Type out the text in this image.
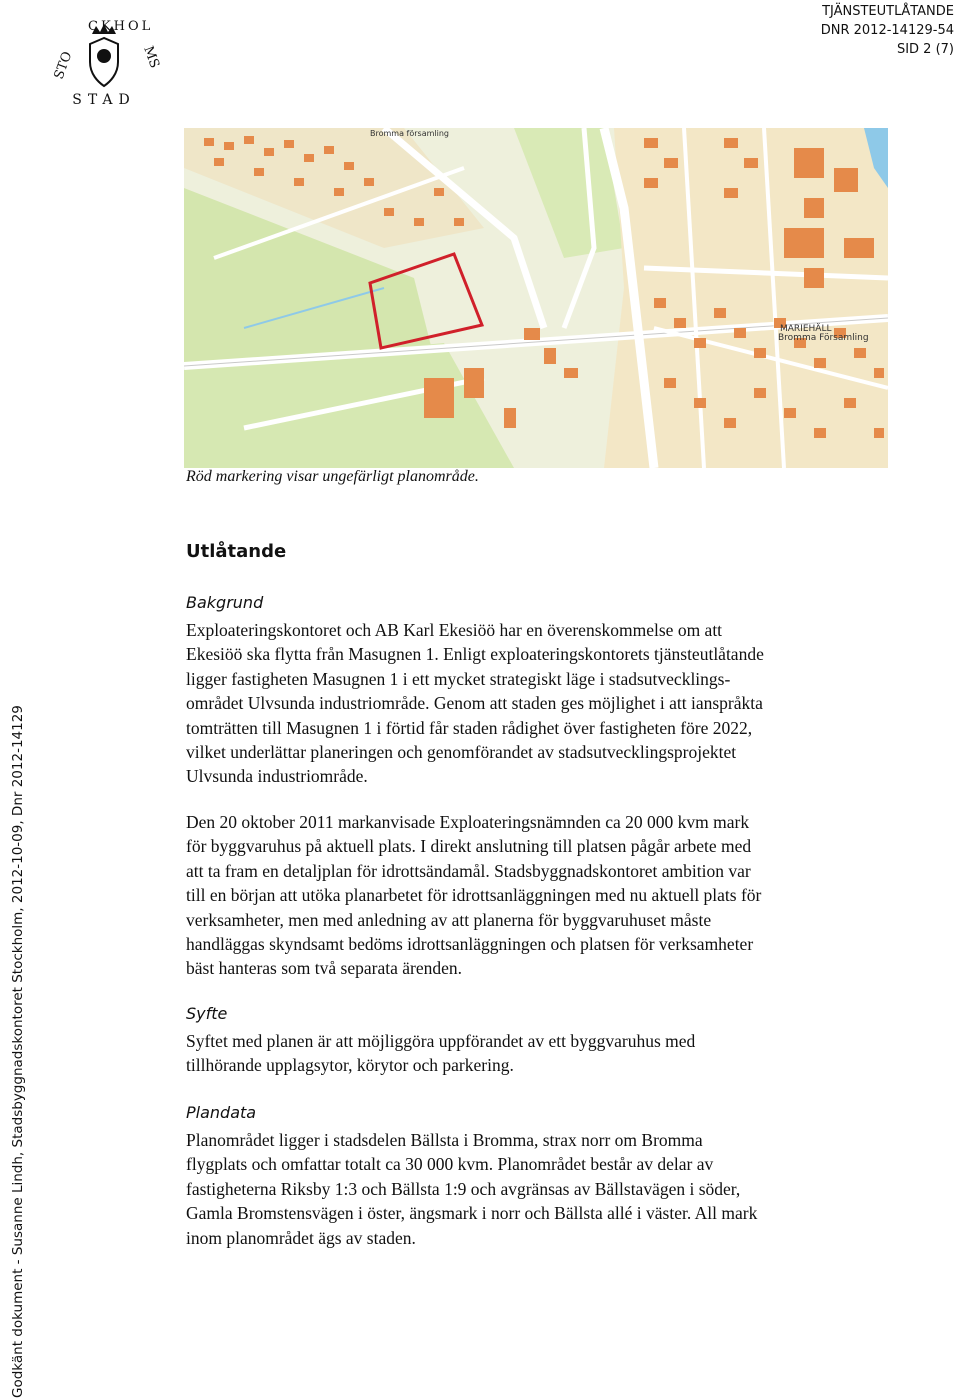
STAD
STO
CKHOL
MS
TJÄNSTEUTLÅTANDE
DNR 2012-14129-54
SID 2 (7)
Bromma församling
MARIEHÄLL
Bromma Församling
Röd markering visar ungefärligt planområde.
Utlåtande
Bakgrund
Exploateringskontoret och AB Karl Ekesiöö har en överenskommelse om att
Ekesiöö ska flytta från Masugnen 1. Enligt exploateringskontorets tjänsteutlåtande
ligger fastigheten Masugnen 1 i ett mycket strategiskt läge i stadsutvecklings-
området Ulvsunda industriområde. Genom att staden ges möjlighet i att ianspråkta
tomträtten till Masugnen 1 i förtid får staden rådighet över fastigheten före 2022,
vilket underlättar planeringen och genomförandet av stadsutvecklingsprojektet
Ulvsunda industriområde.
Den 20 oktober 2011 markanvisade Exploateringsnämnden ca 20 000 kvm mark
för byggvaruhus på aktuell plats. I direkt anslutning till platsen pågår arbete med
att ta fram en detaljplan för idrottsändamål. Stadsbyggnadskontoret ambition var
till en början att utöka planarbetet för idrottsanläggningen med nu aktuell plats för
verksamheter, men med anledning av att planerna för byggvaruhuset måste
handläggas skyndsamt bedöms idrottsanläggningen och platsen för verksamheter
bäst hanteras som två separata ärenden.
Syfte
Syftet med planen är att möjliggöra uppförandet av ett byggvaruhus med
tillhörande upplagsytor, körytor och parkering.
Plandata
Planområdet ligger i stadsdelen Bällsta i Bromma, strax norr om Bromma
flygplats och omfattar totalt ca 30 000 kvm. Planområdet består av delar av
fastigheterna Riksby 1:3 och Bällsta 1:9 och avgränsas av Bällstavägen i söder,
Gamla Bromstensvägen i öster, ängsmark i norr och Bällsta allé i väster. All mark
inom planområdet ägs av staden.
Godkänt dokument - Susanne Lindh, Stadsbyggnadskontoret Stockholm, 2012-10-09, Dnr 2012-14129
